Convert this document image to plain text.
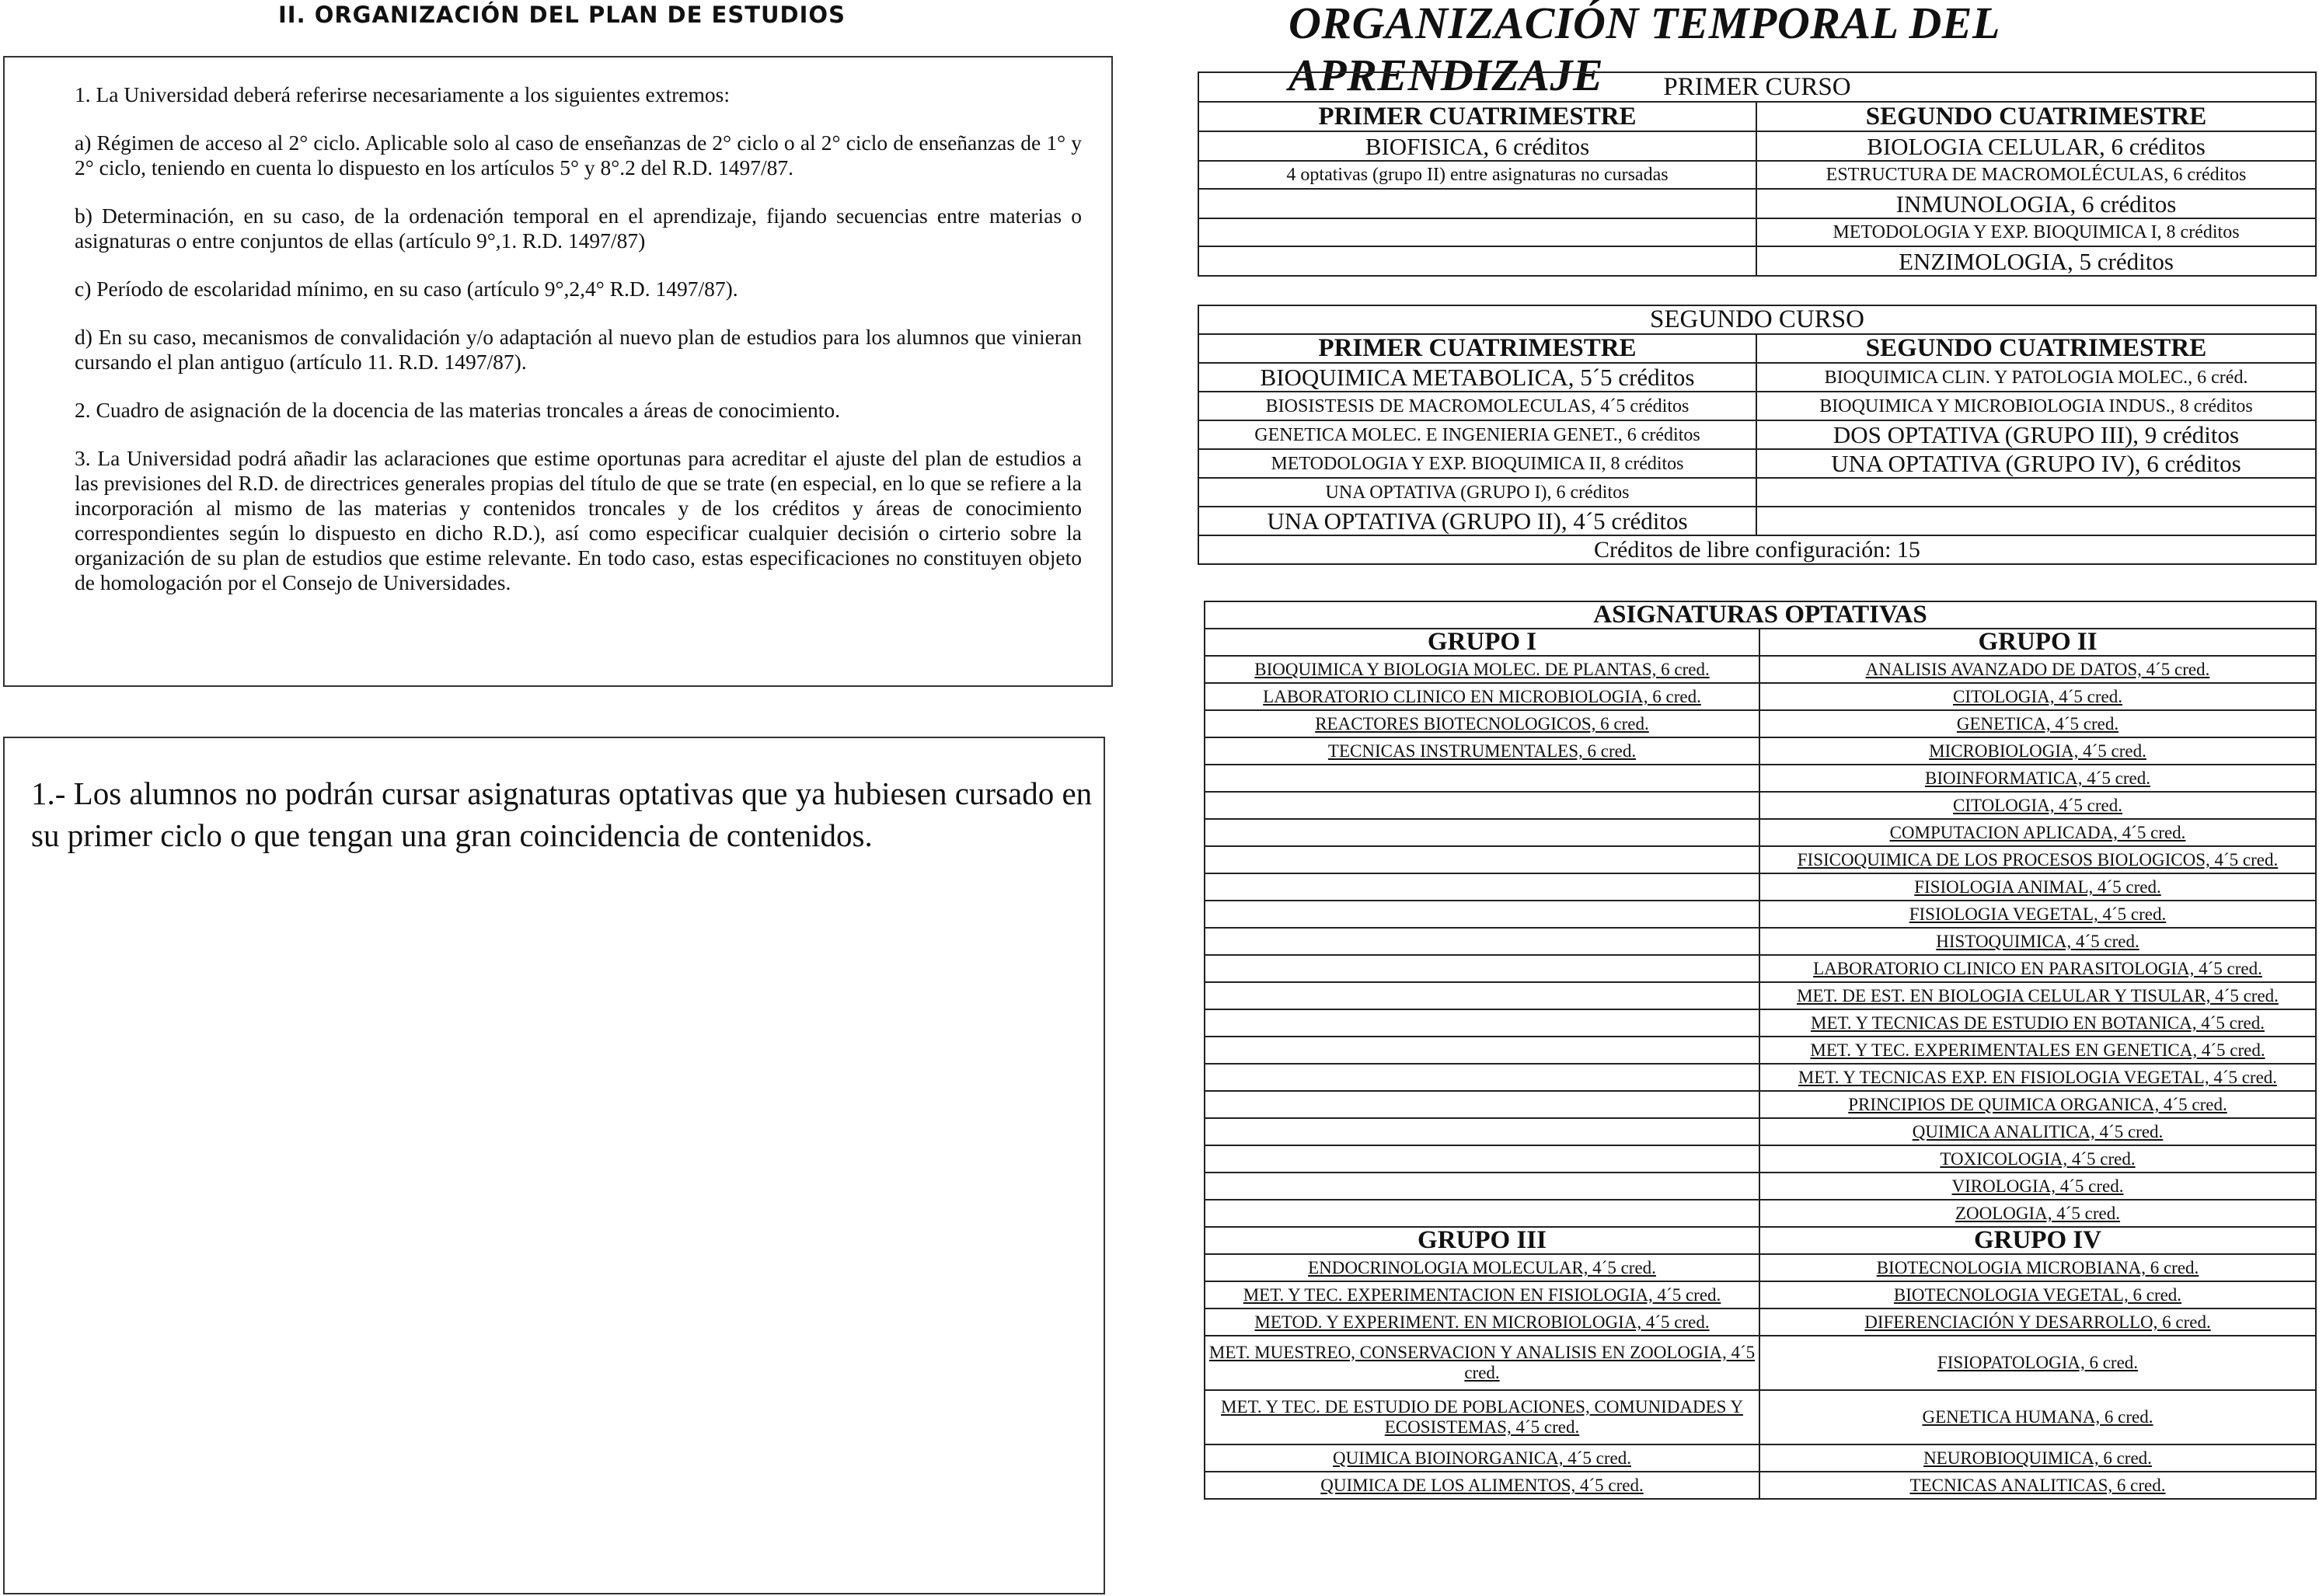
II. ORGANIZACIÓN DEL PLAN DE ESTUDIOS	ORGANIZACIÓN TEMPORAL DEL APRENDIZAJE

1. La Universidad deberá referirse necesariamente a los siguientes extremos:

a) Régimen de acceso al 2° ciclo. Aplicable solo al caso de enseñanzas de 2° ciclo o al 2° ciclo de enseñanzas de 1° y 2° ciclo, teniendo en cuenta lo dispuesto en los artículos 5° y 8°.2 del R.D. 1497/87.

b) Determinación, en su caso, de la ordenación temporal en el aprendizaje, fijando secuencias entre materias o asignaturas o entre conjuntos de ellas (artículo 9°,1. R.D. 1497/87)

c) Período de escolaridad mínimo, en su caso (artículo 9°,2,4° R.D. 1497/87).

d) En su caso, mecanismos de convalidación y/o adaptación al nuevo plan de estudios para los alumnos que vinieran cursando el plan antiguo (artículo 11. R.D. 1497/87).

2. Cuadro de asignación de la docencia de las materias troncales a áreas de conocimiento.

3. La Universidad podrá añadir las aclaraciones que estime oportunas para acreditar el ajuste del plan de estudios a las previsiones del R.D. de directrices generales propias del título de que se trate (en especial, en lo que se refiere a la incorporación al mismo de las materias y contenidos troncales y de los créditos y áreas de conocimiento correspondientes según lo dispuesto en dicho R.D.), así como especificar cualquier decisión o cirterio sobre la organización de su plan de estudios que estime relevante. En todo caso, estas especificaciones no constituyen objeto de homologación por el Consejo de Universidades.

1.- Los alumnos no podrán cursar asignaturas optativas que ya hubiesen cursado en su primer ciclo o que tengan una gran coincidencia de contenidos.
PRIMER CURSO	
PRIMER CUATRIMESTRE	SEGUNDO CUATRIMESTRE
BIOFISICA, 6 créditos	BIOLOGIA CELULAR, 6 créditos
4 optativas (grupo II) entre asignaturas no cursadas	ESTRUCTURA DE MACROMOLÉCULAS, 6 créditos
	INMUNOLOGIA, 6 créditos
	METODOLOGIA Y EXP. BIOQUIMICA I, 8 créditos
	ENZIMOLOGIA, 5 créditos
SEGUNDO CURSO	
PRIMER CUATRIMESTRE	SEGUNDO CUATRIMESTRE
BIOQUIMICA METABOLICA, 5´5 créditos	BIOQUIMICA CLIN. Y PATOLOGIA MOLEC., 6 créd.
BIOSISTESIS DE MACROMOLECULAS, 4´5 créditos	BIOQUIMICA Y MICROBIOLOGIA INDUS., 8 créditos
GENETICA MOLEC. E INGENIERIA GENET., 6 créditos	DOS OPTATIVA (GRUPO III), 9 créditos
METODOLOGIA Y EXP. BIOQUIMICA II, 8 créditos	UNA OPTATIVA (GRUPO IV), 6 créditos
UNA OPTATIVA (GRUPO I), 6 créditos	
UNA OPTATIVA (GRUPO II), 4´5 créditos	
Créditos de libre configuración: 15	
ASIGNATURAS OPTATIVAS	
GRUPO I	GRUPO II
BIOQUIMICA Y BIOLOGIA MOLEC. DE PLANTAS, 6 cred.	ANALISIS AVANZADO DE DATOS, 4´5 cred.
LABORATORIO CLINICO EN MICROBIOLOGIA, 6 cred.	CITOLOGIA, 4´5 cred.
REACTORES BIOTECNOLOGICOS, 6 cred.	GENETICA, 4´5 cred.
TECNICAS INSTRUMENTALES, 6 cred.	MICROBIOLOGIA, 4´5 cred.
	BIOINFORMATICA, 4´5 cred.
	CITOLOGIA, 4´5 cred.
	COMPUTACION APLICADA, 4´5 cred.
	FISICOQUIMICA DE LOS PROCESOS BIOLOGICOS, 4´5 cred.
	FISIOLOGIA ANIMAL, 4´5 cred.
	FISIOLOGIA VEGETAL, 4´5 cred.
	HISTOQUIMICA, 4´5 cred.
	LABORATORIO CLINICO EN PARASITOLOGIA, 4´5 cred.
	MET. DE EST. EN BIOLOGIA CELULAR Y TISULAR, 4´5 cred.
	MET. Y TECNICAS DE ESTUDIO EN BOTANICA, 4´5 cred.
	MET. Y TEC. EXPERIMENTALES EN GENETICA, 4´5 cred.
	MET. Y TECNICAS EXP. EN FISIOLOGIA VEGETAL, 4´5 cred.
	PRINCIPIOS DE QUIMICA ORGANICA, 4´5 cred.
	QUIMICA ANALITICA, 4´5 cred.
	TOXICOLOGIA, 4´5 cred.
	VIROLOGIA, 4´5 cred.
	ZOOLOGIA, 4´5 cred.
GRUPO III	GRUPO IV
ENDOCRINOLOGIA MOLECULAR, 4´5 cred.	BIOTECNOLOGIA MICROBIANA, 6 cred.
MET. Y TEC. EXPERIMENTACION EN FISIOLOGIA, 4´5 cred.	BIOTECNOLOGIA VEGETAL, 6 cred.
METOD. Y EXPERIMENT. EN MICROBIOLOGIA, 4´5 cred.	DIFERENCIACIÓN Y DESARROLLO, 6 cred.
MET. MUESTREO, CONSERVACION Y ANALISIS EN ZOOLOGIA, 4´5 cred.	FISIOPATOLOGIA, 6 cred.
MET. Y TEC. DE ESTUDIO DE POBLACIONES, COMUNIDADES Y ECOSISTEMAS, 4´5 cred.	GENETICA HUMANA, 6 cred.
QUIMICA BIOINORGANICA, 4´5 cred.	NEUROBIOQUIMICA, 6 cred.
QUIMICA DE LOS ALIMENTOS, 4´5 cred.	TECNICAS ANALITICAS, 6 cred.
